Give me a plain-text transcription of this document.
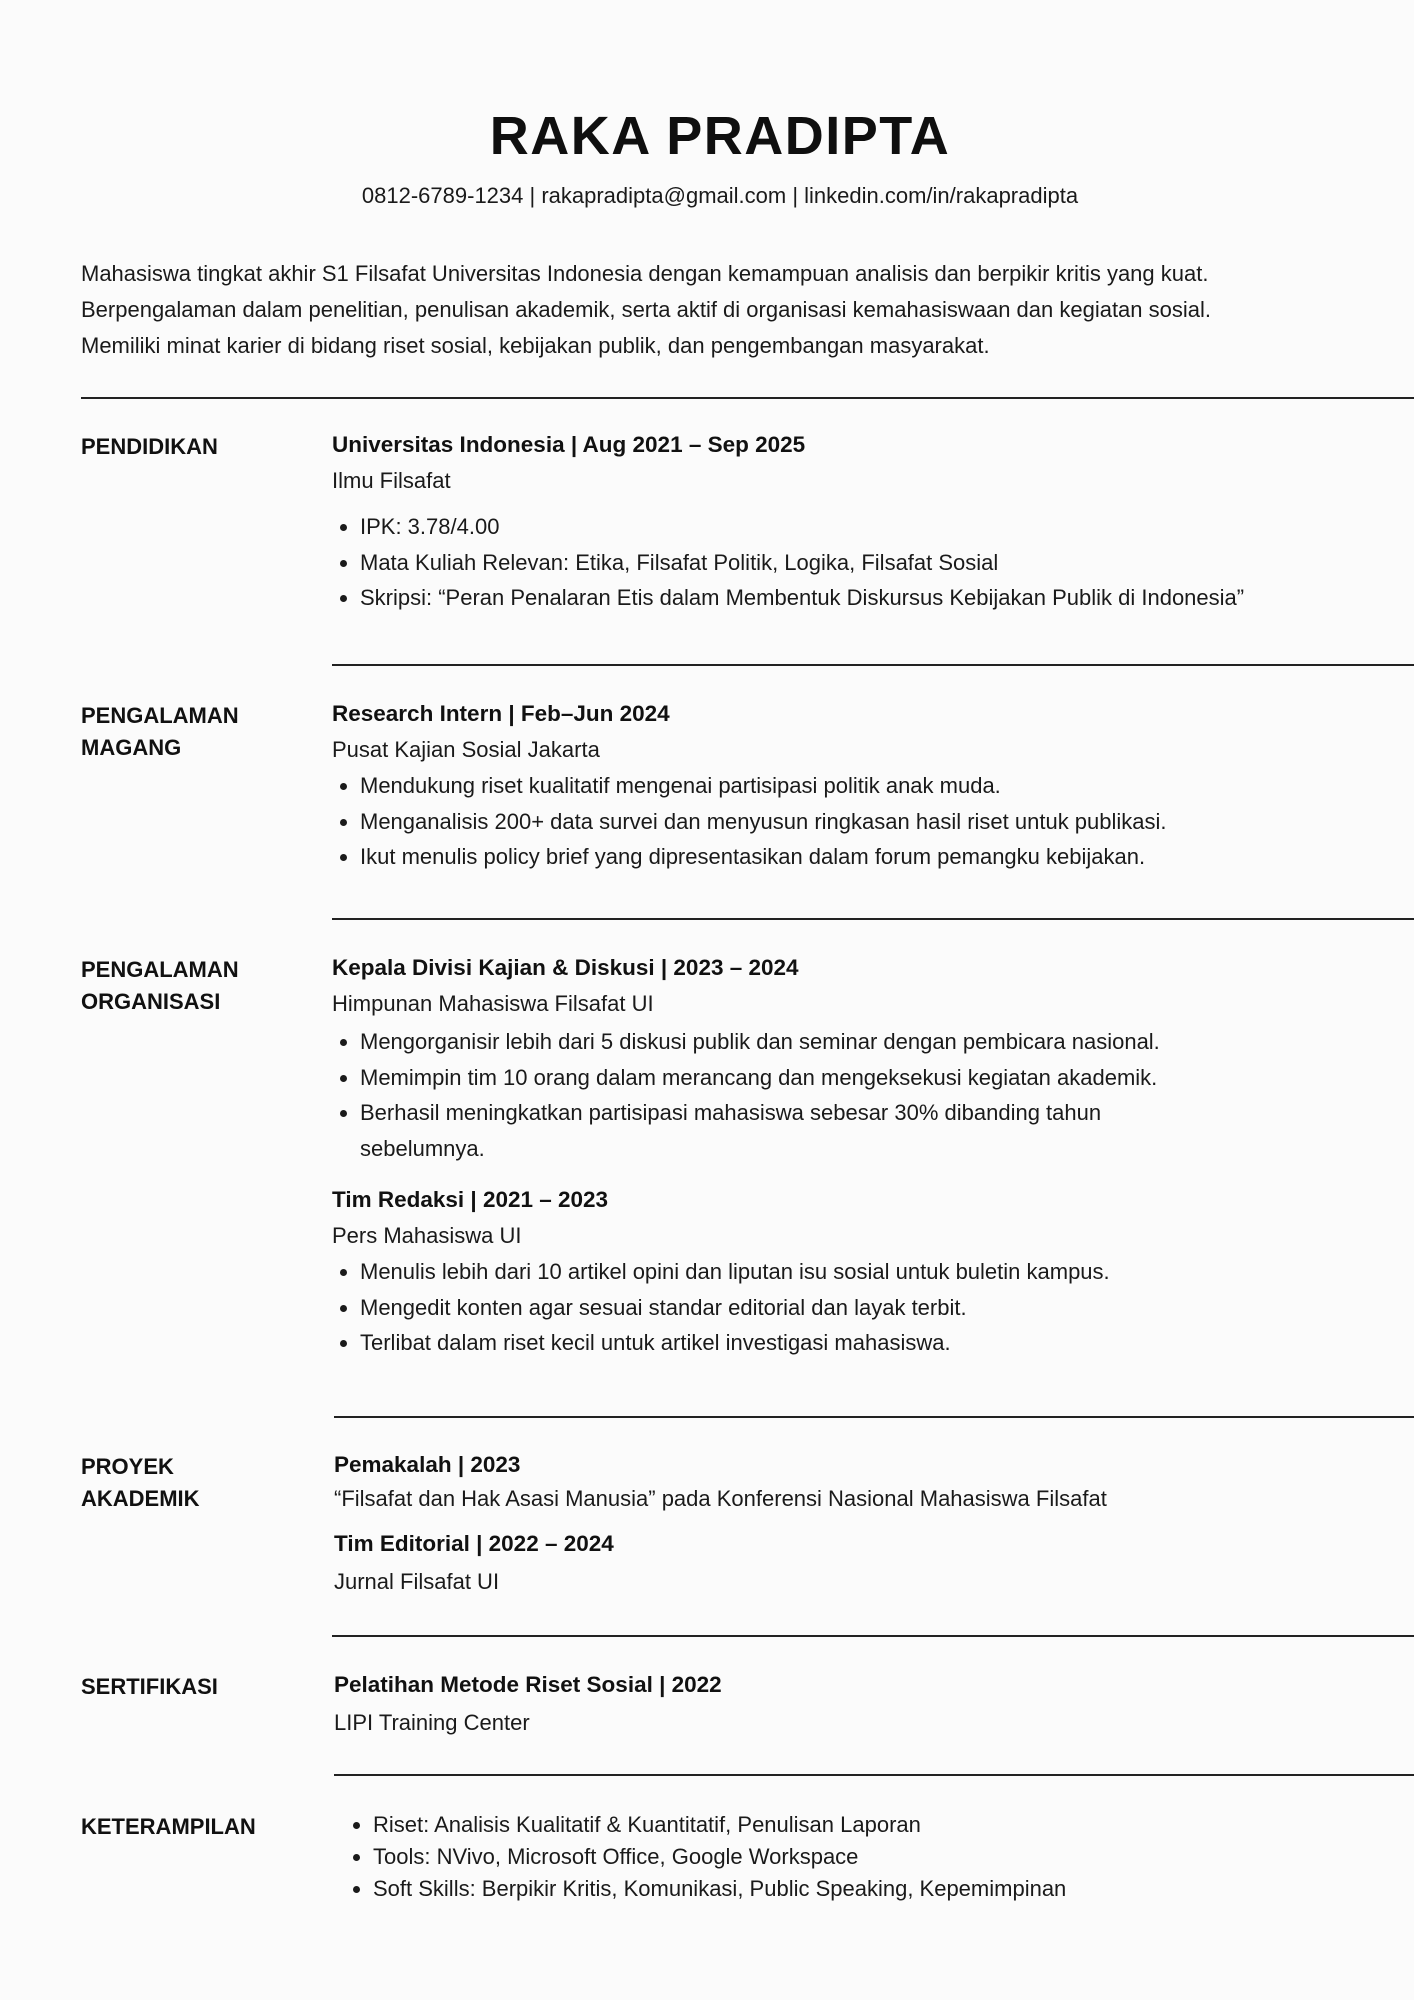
RAKA PRADIPTA
0812-6789-1234 | rakapradipta@gmail.com | linkedin.com/in/rakapradipta

Mahasiswa tingkat akhir S1 Filsafat Universitas Indonesia dengan kemampuan analisis dan berpikir kritis yang kuat.

Berpengalaman dalam penelitian, penulisan akademik, serta aktif di organisasi kemahasiswaan dan kegiatan sosial.

Memiliki minat karier di bidang riset sosial, kebijakan publik, dan pengembangan masyarakat.

PENDIDIKAN	Universitas Indonesia | Aug 2021 – Sep 2025
Ilmu Filsafat
• IPK: 3.78/4.00
• Mata Kuliah Relevan: Etika, Filsafat Politik, Logika, Filsafat Sosial
• Skripsi: “Peran Penalaran Etis dalam Membentuk Diskursus Kebijakan Publik di Indonesia”
PENGALAMAN
MAGANG
Research Intern | Feb–Jun 2024
Pusat Kajian Sosial Jakarta
• Mendukung riset kualitatif mengenai partisipasi politik anak muda.
• Menganalisis 200+ data survei dan menyusun ringkasan hasil riset untuk publikasi.
• Ikut menulis policy brief yang dipresentasikan dalam forum pemangku kebijakan.
PENGALAMAN
ORGANISASI
Kepala Divisi Kajian & Diskusi | 2023 – 2024
Himpunan Mahasiswa Filsafat UI
• Mengorganisir lebih dari 5 diskusi publik dan seminar dengan pembicara nasional.
• Memimpin tim 10 orang dalam merancang dan mengeksekusi kegiatan akademik.
• Berhasil meningkatkan partisipasi mahasiswa sebesar 30% dibanding tahun sebelumnya.
Tim Redaksi | 2021 – 2023
Pers Mahasiswa UI
• Menulis lebih dari 10 artikel opini dan liputan isu sosial untuk buletin kampus.
• Mengedit konten agar sesuai standar editorial dan layak terbit.
• Terlibat dalam riset kecil untuk artikel investigasi mahasiswa.
PROYEK
AKADEMIK
Pemakalah | 2023
“Filsafat dan Hak Asasi Manusia” pada Konferensi Nasional Mahasiswa Filsafat
Tim Editorial | 2022 – 2024
Jurnal Filsafat UI
SERTIFIKASI	Pelatihan Metode Riset Sosial | 2022
LIPI Training Center
KETERAMPILAN
•	Riset: Analisis Kualitatif & Kuantitatif, Penulisan Laporan
• Tools: NVivo, Microsoft Office, Google Workspace
• Soft Skills: Berpikir Kritis, Komunikasi, Public Speaking, Kepemimpinan
